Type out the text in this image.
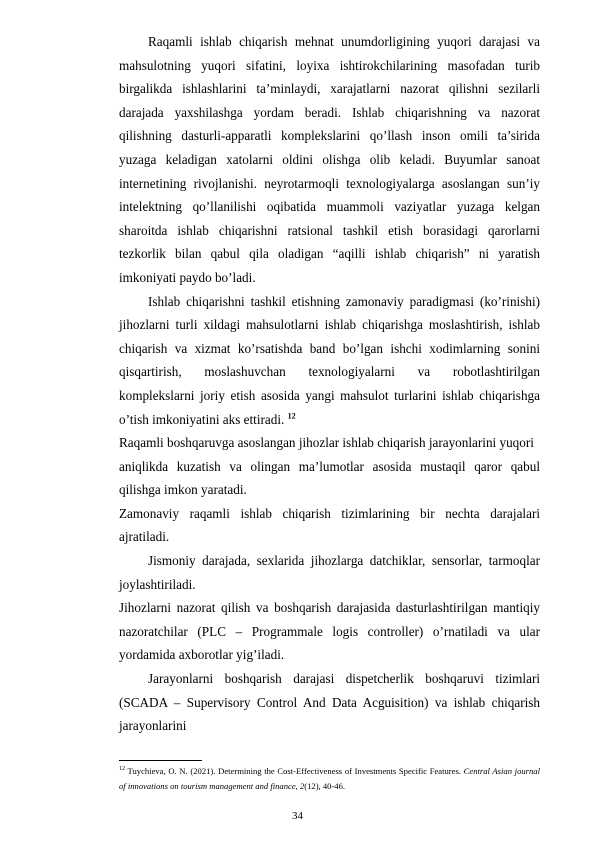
Raqamli ishlab chiqarish mehnat unumdorligining yuqori darajasi va mahsulotning yuqori sifatini, loyixa ishtirokchilarining masofadan turib birgalikda ishlashlarini ta’minlaydi, xarajatlarni nazorat qilishni sezilarli darajada yaxshilashga yordam beradi. Ishlab chiqarishning va nazorat qilishning dasturli-apparatli komplekslarini qo’llash inson omili ta’sirida yuzaga keladigan xatolarni oldini olishga olib keladi. Buyumlar sanoat internetining rivojlanishi. neyrotarmoqli texnologiyalarga asoslangan sun’iy intelektning qo’llanilishi oqibatida muammoli vaziyatlar yuzaga kelgan sharoitda ishlab chiqarishni ratsional tashkil etish borasidagi qarorlarni tezkorlik bilan qabul qila oladigan “aqilli ishlab chiqarish” ni yaratish imkoniyati paydo bo’ladi.

Ishlab chiqarishni tashkil etishning zamonaviy paradigmasi (ko’rinishi) jihozlarni turli xildagi mahsulotlarni ishlab chiqarishga moslashtirish, ishlab chiqarish va xizmat ko’rsatishda band bo’lgan ishchi xodimlarning sonini qisqartirish, moslashuvchan texnologiyalarni va robotlashtirilgan komplekslarni joriy etish asosida yangi mahsulot turlarini ishlab chiqarishga o’tish imkoniyatini aks ettiradi. $^{12}$

Raqamli boshqaruvga asoslangan jihozlar ishlab chiqarish jarayonlarini yuqori

aniqlikda kuzatish va olingan ma’lumotlar asosida mustaqil qaror qabul qilishga imkon yaratadi.

Zamonaviy raqamli ishlab chiqarish tizimlarining bir nechta darajalari ajratiladi.

Jismoniy darajada, sexlarida jihozlarga datchiklar, sensorlar, tarmoqlar joylashtiriladi.

Jihozlarni nazorat qilish va boshqarish darajasida dasturlashtirilgan mantiqiy nazoratchilar (PLC – Programmale logis controller) o’rnatiladi va ular yordamida axborotlar yig’iladi.

Jarayonlarni boshqarish darajasi dispetcherlik boshqaruvi tizimlari (SCADA – Supervisory Control And Data Acguisition) va ishlab chiqarish jarayonlarini

$^{12}$ Tuychieva, O. N. (2021). Determining the Cost-Effectiveness of Investments Specific Features. Central Asian journal of innovations on tourism management and finance, 2(12), 40-46.

34
